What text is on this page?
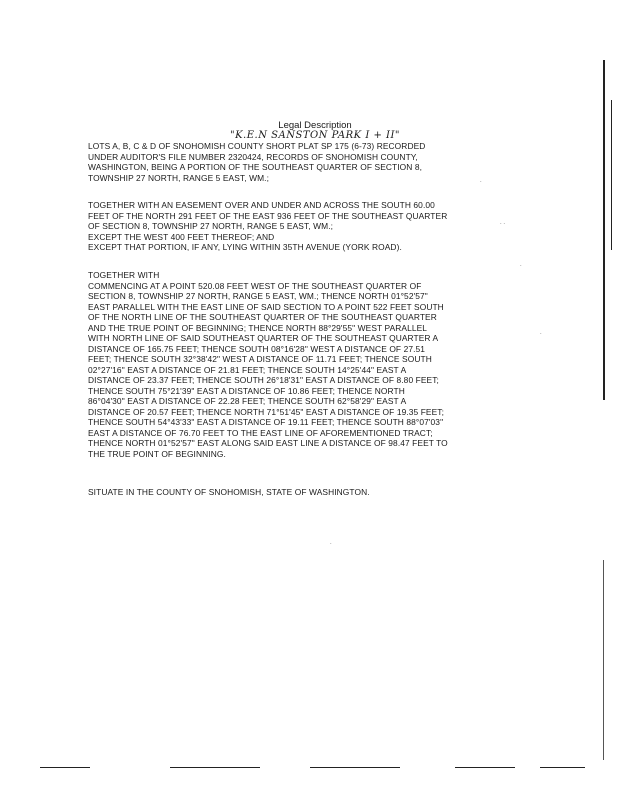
.
. .
.
.
.
Legal Description
"K.E.N SANSTON PARK I + II"

LOTS A, B, C & D OF SNOHOMISH COUNTY SHORT PLAT SP 175 (6-73) RECORDED

UNDER AUDITOR'S FILE NUMBER 2320424, RECORDS OF SNOHOMISH COUNTY,

WASHINGTON, BEING A PORTION OF THE SOUTHEAST QUARTER OF SECTION 8,

TOWNSHIP 27 NORTH, RANGE 5 EAST, WM.;

TOGETHER WITH AN EASEMENT OVER AND UNDER AND ACROSS THE SOUTH 60.00

FEET OF THE NORTH 291 FEET OF THE EAST 936 FEET OF THE SOUTHEAST QUARTER

OF SECTION 8, TOWNSHIP 27 NORTH, RANGE 5 EAST, WM.;

EXCEPT THE WEST 400 FEET THEREOF; AND

EXCEPT THAT PORTION, IF ANY, LYING WITHIN 35TH AVENUE (YORK ROAD).

TOGETHER WITH

COMMENCING AT A POINT 520.08 FEET WEST OF THE SOUTHEAST QUARTER OF

SECTION 8, TOWNSHIP 27 NORTH, RANGE 5 EAST, WM.; THENCE NORTH 01°52'57"

EAST PARALLEL WITH THE EAST LINE OF SAID SECTION TO A POINT 522 FEET SOUTH

OF THE NORTH LINE OF THE SOUTHEAST QUARTER OF THE SOUTHEAST QUARTER

AND THE TRUE POINT OF BEGINNING; THENCE NORTH 88°29'55" WEST PARALLEL

WITH NORTH LINE OF SAID SOUTHEAST QUARTER OF THE SOUTHEAST QUARTER A

DISTANCE OF 165.75 FEET; THENCE SOUTH 08°16'28" WEST A DISTANCE OF 27.51

FEET; THENCE SOUTH 32°38'42" WEST A DISTANCE OF 11.71 FEET; THENCE SOUTH

02°27'16" EAST A DISTANCE OF 21.81 FEET; THENCE SOUTH 14°25'44" EAST A

DISTANCE OF 23.37 FEET; THENCE SOUTH 26°18'31" EAST A DISTANCE OF 8.80 FEET;

THENCE SOUTH 75°21'39" EAST A DISTANCE OF 10.86 FEET; THENCE NORTH

86°04'30" EAST A DISTANCE OF 22.28 FEET; THENCE SOUTH 62°58'29" EAST A

DISTANCE OF 20.57 FEET; THENCE NORTH 71°51'45" EAST A DISTANCE OF 19.35 FEET;

THENCE SOUTH 54°43'33" EAST A DISTANCE OF 19.11 FEET; THENCE SOUTH 88°07'03"

EAST A DISTANCE OF 76.70 FEET TO THE EAST LINE OF AFOREMENTIONED TRACT;

THENCE NORTH 01°52'57" EAST ALONG SAID EAST LINE A DISTANCE OF 98.47 FEET TO

THE TRUE POINT OF BEGINNING.

SITUATE IN THE COUNTY OF SNOHOMISH, STATE OF WASHINGTON.
